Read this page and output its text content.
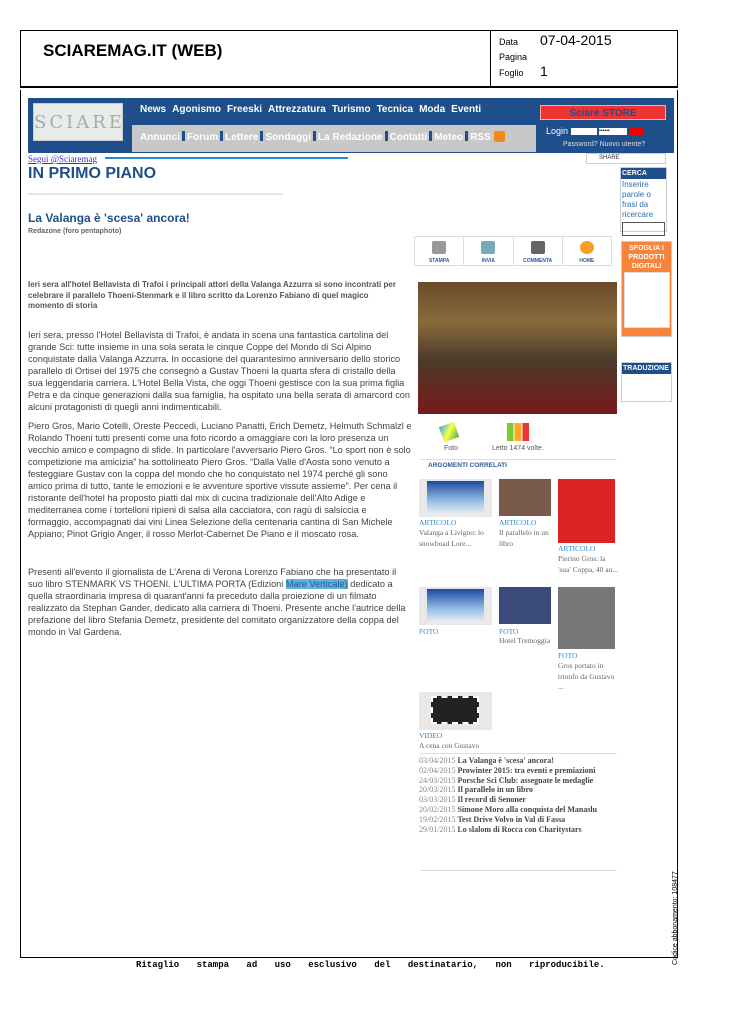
SCIAREMAG.IT (WEB)	Data 07-04-2015
Pagina
Foglio 1
SCIARE
News Agonismo Freeski Attrezzatura Turismo Tecnica Moda Eventi
Annunci Forum Lettere Sondaggi La Redazione Contatti Meteo RSS
Sciare STORE
Login	••••••
Password? Nuovo utente?
Segui @Sciaremag	SHARE
IN PRIMO PIANO	CERCA
Inserire parole o frasi da ricercare
La Valanga è 'scesa' ancora!
Redazone (foro pentaphoto)
Ieri sera all'hotel Bellavista di Trafoi i principali attori della Valanga Azzurra si sono incontrati per celebrare il parallelo Thoeni-Stenmark e il libro scritto da Lorenzo Fabiano di quel magico momento di storia
Ieri sera, presso l'Hotel Bellavista di Trafoi, è andata in scena una fantastica cartolina del grande Sci: tutte insieme in una sola serata le cinque Coppe del Mondo di Sci Alpino conquistate dalla Valanga Azzurra. In occasione del quarantesimo anniversario dello storico parallelo di Ortisei del 1975 che consegnò a Gustav Thoeni la quarta sfera di cristallo della sua leggendaria carriera. L'Hotel Bella Vista, che oggi Thoeni gestisce con la sua prima figlia Petra e da cinque generazioni dalla sua famiglia, ha ospitato una bella serata di amarcord con alcuni protagonisti di quegli anni indimenticabili.
Piero Gros, Mario Cotelli, Oreste Peccedi, Luciano Panatti, Erich Demetz, Helmuth Schmalzl e Rolando Thoeni tutti presenti come una foto ricordo a omaggiare con la loro presenza un vecchio amico e compagno di sfide. In particolare l'avversario Piero Gros. “Lo sport non è solo competizione ma amicizia” ha sottolineato Piero Gros. “Dalla Valle d'Aosta sono venuto a festeggiare Gustav con la coppa del mondo che ho conquistato nel 1974 perché gli sono amico prima di tutto, tante le emozioni e le avventure sportive vissute assieme”. Per cena il ristorante dell'hotel ha proposto piatti dal mix di cucina tradizionale dell'Alto Adige e mediterranea come i tortelloni ripieni di salsa alla cacciatora, con ragù di salsiccia e formaggio, accompagnati dai vini Linea Selezione della centenaria cantina di San Michele Appiano; Pinot Grigio Anger, il rosso Merlot-Cabernet De Piano e il moscato rosa.
Presenti all'evento il giornalista de L'Arena di Verona Lorenzo Fabiano che ha presentato il suo libro STENMARK VS THOENI. L'ULTIMA PORTA (Edizioni Mare Verticale) dedicato a quella straordinaria impresa di quarant'anni fa preceduto dalla proiezione di un filmato realizzato da Stephan Gander, dedicato alla carriera di Thoeni. Presente anche l'autrice della prefazione del libro Stefania Demetz, presidente del comitato organizzatore della coppa del mondo in Val Gardena.
STAMPA	INVIA	COMMENTA	HOME
SFOGLIA I PRODOTTI DIGITALI
TRADUZIONE
Foto	Letto 1474 volte.
ARGOMENTI CORRELATI
ARTICOLO
Valanga a Livigno: lo snowboad Lore...
ARTICOLO
Il parallelo in un libro
ARTICOLO
Pierino Gros: la 'sua' Coppa, 40 an...
FOTO	FOTO
Hotel Tremoggia
FOTO
Gros portato in trionfo da Gustavo ...
VIDEO
A cena con Gustavo
03/04/2015 La Valanga è 'scesa' ancora!
02/04/2015 Prowinter 2015: tra eventi e premiazioni
24/03/2015 Porsche Sci Club: assegnate le medaglie
20/03/2015 Il parallelo in un libro
03/03/2015 Il record di Senoner
20/02/2015 Simone Moro alla conquista del Manaslu
19/02/2015 Test Drive Volvo in Val di Fassa
29/01/2015 Lo slalom di Rocca con Charitystars
Ritaglio stampa ad uso esclusivo del destinatario, non riproducibile.	Codice abbonamento: 108477
